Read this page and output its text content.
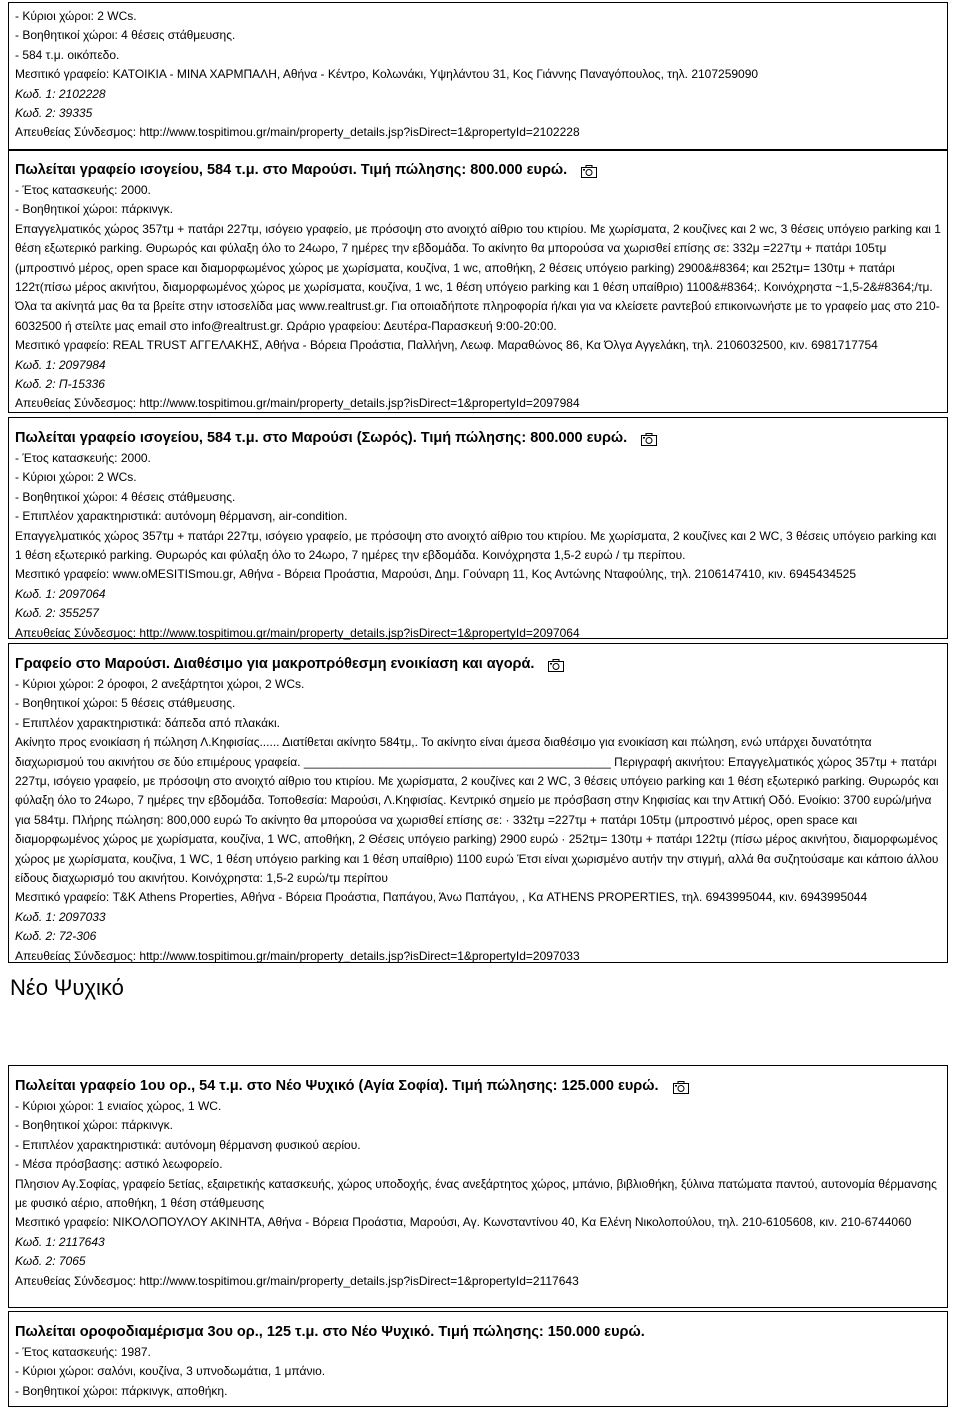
- Κύριοι χώροι: 2 WCs.
- Βοηθητικοί χώροι: 4 θέσεις στάθμευσης.
- 584 τ.μ. οικόπεδο.
Μεσιτικό γραφείο: ΚΑΤΟΙΚΙΑ - ΜΙΝΑ ΧΑΡΜΠΑΛΗ, Αθήνα - Κέντρο, Κολωνάκι, Υψηλάντου 31, Κος Γιάννης Παναγόπουλος, τηλ. 2107259090
Κωδ. 1: 2102228
Κωδ. 2: 39335
Απευθείας Σύνδεσμος: http://www.tospitimou.gr/main/property_details.jsp?isDirect=1&propertyId=2102228
Πωλείται γραφείο ισογείου, 584 τ.μ. στο Μαρούσι. Τιμή πώλησης: 800.000 ευρώ.
- Έτος κατασκευής: 2000.
- Βοηθητικοί χώροι: πάρκινγκ.
Επαγγελματικός χώρος 357τμ + πατάρι 227τμ, ισόγειο γραφείο, με πρόσοψη στο ανοιχτό αίθριο του κτιρίου. Με χωρίσματα, 2 κουζίνες και 2 wc, 3 θέσεις υπόγειο parking και 1 θέση εξωτερικό parking. Θυρωρός και φύλαξη όλο το 24ωρο, 7 ημέρες την εβδομάδα. Το ακίνητο θα μπορούσα να χωρισθεί επίσης σε: 332μ =227τμ + πατάρι 105τμ (μπροστινό μέρος, open space και διαμορφωμένος χώρος με χωρίσματα, κουζίνα, 1 wc, αποθήκη, 2 θέσεις υπόγειο parking) 2900&#8364; και 252τμ= 130τμ + πατάρι 122τ(πίσω μέρος ακινήτου, διαμορφωμένος χώρος με χωρίσματα, κουζίνα, 1 wc, 1 θέση υπόγειο parking και 1 θέση υπαίθριο) 1100&#8364;. Κοινόχρηστα ~1,5-2&#8364;/τμ. Όλα τα ακίνητά μας θα τα βρείτε στην ιστοσελίδα μας www.realtrust.gr. Για οποιαδήποτε πληροφορία ή/και για να κλείσετε ραντεβού επικοινωνήστε με το γραφείο μας στο 210-6032500 ή στείλτε μας email στο info@realtrust.gr. Ωράριο γραφείου: Δευτέρα-Παρασκευή 9:00-20:00.
Μεσιτικό γραφείο: REAL TRUST ΑΓΓΕΛΑΚΗΣ, Αθήνα - Βόρεια Προάστια, Παλλήνη, Λεωφ. Μαραθώνος 86, Κα Όλγα Αγγελάκη, τηλ. 2106032500, κιν. 6981717754
Κωδ. 1: 2097984
Κωδ. 2: Π-15336
Απευθείας Σύνδεσμος: http://www.tospitimou.gr/main/property_details.jsp?isDirect=1&propertyId=2097984
Πωλείται γραφείο ισογείου, 584 τ.μ. στο Μαρούσι (Σωρός). Τιμή πώλησης: 800.000 ευρώ.
- Έτος κατασκευής: 2000.
- Κύριοι χώροι: 2 WCs.
- Βοηθητικοί χώροι: 4 θέσεις στάθμευσης.
- Επιπλέον χαρακτηριστικά: αυτόνομη θέρμανση, air-condition.
Επαγγελματικός χώρος 357τμ + πατάρι 227τμ, ισόγειο γραφείο, με πρόσοψη στο ανοιχτό αίθριο του κτιρίου. Με χωρίσματα, 2 κουζίνες και 2 WC, 3 θέσεις υπόγειο parking και 1 θέση εξωτερικό parking. Θυρωρός και φύλαξη όλο το 24ωρο, 7 ημέρες την εβδομάδα. Κοινόχρηστα 1,5-2 ευρώ / τμ περίπου.
Μεσιτικό γραφείο: www.oMESITISmou.gr, Αθήνα - Βόρεια Προάστια, Μαρούσι, Δημ. Γούναρη 11, Κος Αντώνης Νταφούλης, τηλ. 2106147410, κιν. 6945434525
Κωδ. 1: 2097064
Κωδ. 2: 355257
Απευθείας Σύνδεσμος: http://www.tospitimou.gr/main/property_details.jsp?isDirect=1&propertyId=2097064
Γραφείο στο Μαρούσι. Διαθέσιμο για μακροπρόθεσμη ενοικίαση και αγορά.
- Κύριοι χώροι: 2 όροφοι, 2 ανεξάρτητοι χώροι, 2 WCs.
- Βοηθητικοί χώροι: 5 θέσεις στάθμευσης.
- Επιπλέον χαρακτηριστικά: δάπεδα από πλακάκι.
Ακίνητο προς ενοικίαση ή πώληση Λ.Κηφισίας...... Διατίθεται ακίνητο 584τμ,. Το ακίνητο είναι άμεσα διαθέσιμο για ενοικίαση και πώληση, ενώ υπάρχει δυνατότητα διαχωρισμού του ακινήτου σε δύο επιμέρους γραφεία. ______________________________________________ Περιγραφή ακινήτου: Επαγγελματικός χώρος 357τμ + πατάρι 227τμ, ισόγειο γραφείο, με πρόσοψη στο ανοιχτό αίθριο του κτιρίου. Με χωρίσματα, 2 κουζίνες και 2 WC, 3 θέσεις υπόγειο parking και 1 θέση εξωτερικό parking. Θυρωρός και φύλαξη όλο το 24ωρο, 7 ημέρες την εβδομάδα. Τοποθεσία: Μαρούσι, Λ.Κηφισίας. Κεντρικό σημείο με πρόσβαση στην Κηφισίας και την Αττική Οδό. Ενοίκιο: 3700 ευρώ/μήνα για 584τμ. Πλήρης πώληση: 800,000 ευρώ Το ακίνητο θα μπορούσα να χωρισθεί επίσης σε: · 332τμ =227τμ + πατάρι 105τμ (μπροστινό μέρος, open space και διαμορφωμένος χώρος με χωρίσματα, κουζίνα, 1 WC, αποθήκη, 2 Θέσεις υπόγειο parking) 2900 ευρώ · 252τμ= 130τμ + πατάρι 122τμ (πίσω μέρος ακινήτου, διαμορφωμένος χώρος με χωρίσματα, κουζίνα, 1 WC, 1 θέση υπόγειο parking και 1 θέση υπαίθριο) 1100 ευρώ Έτσι είναι χωρισμένο αυτήν την στιγμή, αλλά θα συζητούσαμε και κάποιο άλλου είδους διαχωρισμό του ακινήτου. Κοινόχρηστα: 1,5-2 ευρώ/τμ περίπου
Μεσιτικό γραφείο: T&K Athens Properties, Αθήνα - Βόρεια Προάστια, Παπάγου, Άνω Παπάγου, , Κα ATHENS PROPERTIES, τηλ. 6943995044, κιν. 6943995044
Κωδ. 1: 2097033
Κωδ. 2: 72-306
Απευθείας Σύνδεσμος: http://www.tospitimou.gr/main/property_details.jsp?isDirect=1&propertyId=2097033
Νέο Ψυχικό
Πωλείται γραφείο 1ου ορ., 54 τ.μ. στο Νέο Ψυχικό (Αγία Σοφία). Τιμή πώλησης: 125.000 ευρώ.
- Κύριοι χώροι: 1 ενιαίος χώρος, 1 WC.
- Βοηθητικοί χώροι: πάρκινγκ.
- Επιπλέον χαρακτηριστικά: αυτόνομη θέρμανση φυσικού αερίου.
- Μέσα πρόσβασης: αστικό λεωφορείο.
Πλησιον Αγ.Σοφίας, γραφείο 5ετίας, εξαιρετικής κατασκευής, χώρος υποδοχής, ένας ανεξάρτητος χώρος, μπάνιο, βιβλιοθήκη, ξύλινα πατώματα παντού, αυτονομία θέρμανσης με φυσικό αέριο, αποθήκη, 1 θέση στάθμευσης
Μεσιτικό γραφείο: ΝΙΚΟΛΟΠΟΥΛΟΥ ΑΚΙΝΗΤΑ, Αθήνα - Βόρεια Προάστια, Μαρούσι, Αγ. Κωνσταντίνου 40, Κα Ελένη Νικολοπούλου, τηλ. 210-6105608, κιν. 210-6744060
Κωδ. 1: 2117643
Κωδ. 2: 7065
Απευθείας Σύνδεσμος: http://www.tospitimou.gr/main/property_details.jsp?isDirect=1&propertyId=2117643
Πωλείται οροφοδιαμέρισμα 3ου ορ., 125 τ.μ. στο Νέο Ψυχικό. Τιμή πώλησης: 150.000 ευρώ.
- Έτος κατασκευής: 1987.
- Κύριοι χώροι: σαλόνι, κουζίνα, 3 υπνοδωμάτια, 1 μπάνιο.
- Βοηθητικοί χώροι: πάρκινγκ, αποθήκη.
